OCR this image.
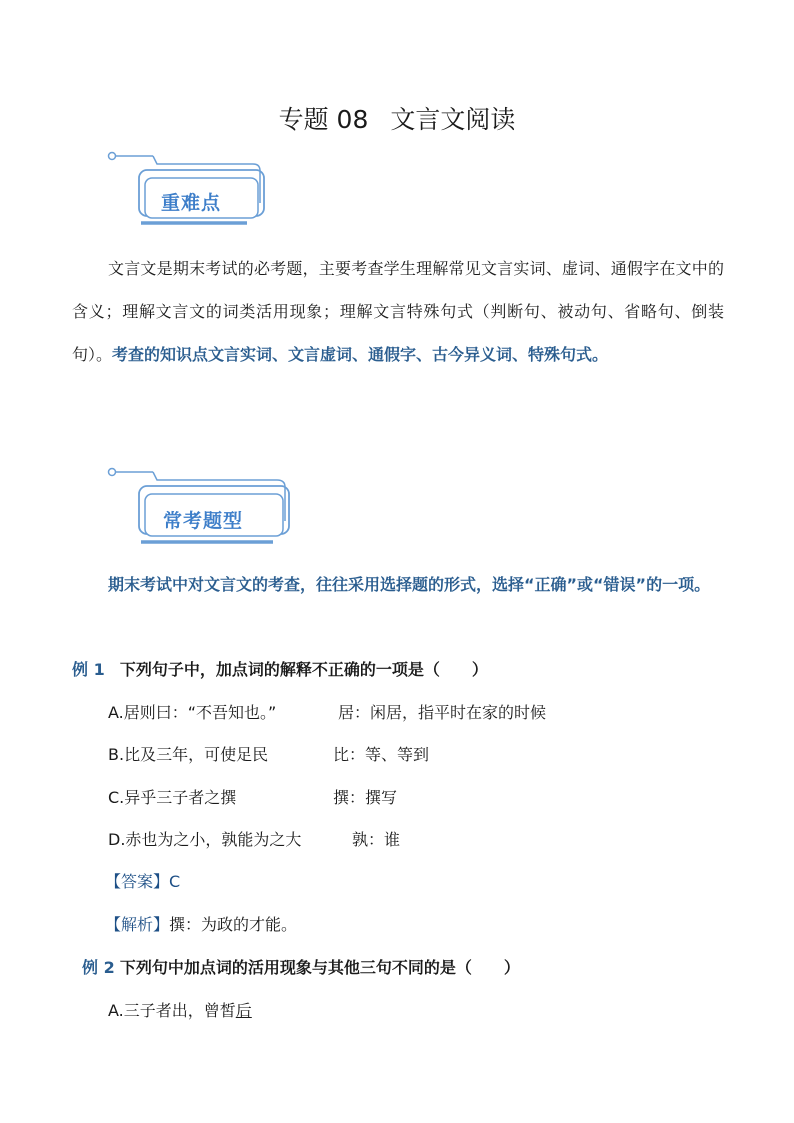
专题 08 文言文阅读
重难点
文言文是期末考试的必考题，主要考查学生理解常见文言实词、虚词、通假字在文中的含义；理解文言文的词类活用现象；理解文言特殊句式（判断句、被动句、省略句、倒装句）。考查的知识点文言实词、文言虚词、通假字、古今异义词、特殊句式。
常考题型
期末考试中对文言文的考查，往往采用选择题的形式，选择“正确”或“错误”的一项。
例 1 下列句子中，加点词的解释不正确的一项是（　　）
A.居则曰：“不吾知也。”	居：闲居，指平时在家的时候
B.比及三年，可使足民	比：等、等到
C.异乎三子者之撰	撰：撰写
D.赤也为之小，孰能为之大	孰：谁
【答案】C
【解析】撰：为政的才能。
例 2 下列句中加点词的活用现象与其他三句不同的是（　　）
A.三子者出，曾皙后
